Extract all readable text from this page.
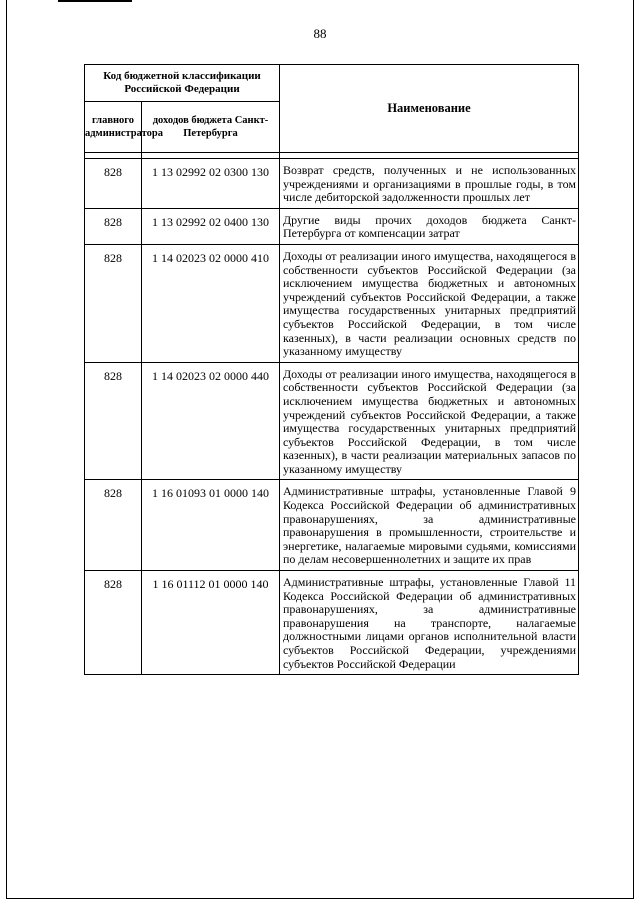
88
Код бюджетной классификации Российской Федерации		Наименование
главного администратора	доходов бюджета Санкт-Петербурга	

828	1 13 02992 02 0300 130	Возврат средств, полученных и не использованных учреждениями и организациями в прошлые годы, в том числе дебиторской задолженности прошлых лет
828	1 13 02992 02 0400 130	Другие виды прочих доходов бюджета Санкт-Петербурга от компенсации затрат
828	1 14 02023 02 0000 410	Доходы от реализации иного имущества, находящегося в собственности субъектов Российской Федерации (за исключением имущества бюджетных и автономных учреждений субъектов Российской Федерации, а также имущества государственных унитарных предприятий субъектов Российской Федерации, в том числе казенных), в части реализации основных средств по указанному имуществу
828	1 14 02023 02 0000 440	Доходы от реализации иного имущества, находящегося в собственности субъектов Российской Федерации (за исключением имущества бюджетных и автономных учреждений субъектов Российской Федерации, а также имущества государственных унитарных предприятий субъектов Российской Федерации, в том числе казенных), в части реализации материальных запасов по указанному имуществу
828	1 16 01093 01 0000 140	Административные штрафы, установленные Главой 9 Кодекса Российской Федерации об административных правонарушениях, за административные правонарушения в промышленности, строительстве и энергетике, налагаемые мировыми судьями, комиссиями по делам несовершеннолетних и защите их прав
828	1 16 01112 01 0000 140	Административные штрафы, установленные Главой 11 Кодекса Российской Федерации об административных правонарушениях, за административные правонарушения на транспорте, налагаемые должностными лицами органов исполнительной власти субъектов Российской Федерации, учреждениями субъектов Российской Федерации
